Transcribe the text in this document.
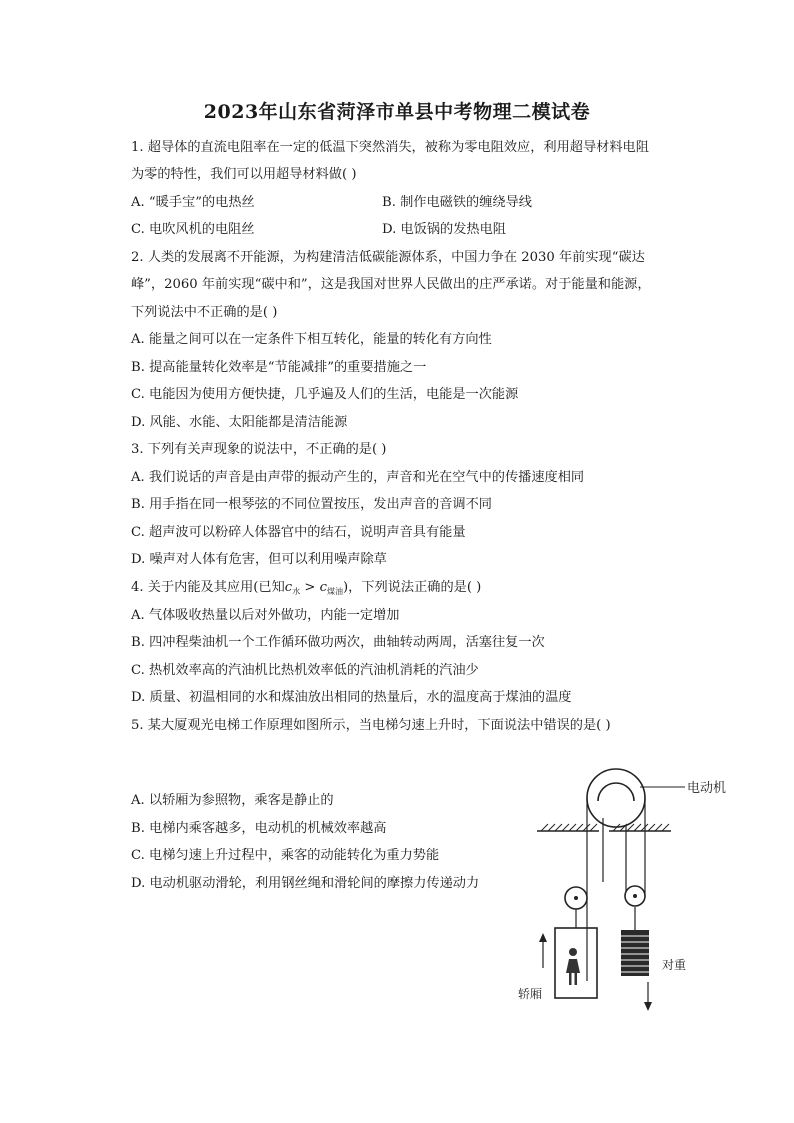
2023年山东省菏泽市单县中考物理二模试卷
1. 超导体的直流电阻率在一定的低温下突然消失，被称为零电阻效应，利用超导材料电阻
为零的特性，我们可以用超导材料做( )
A. “暖手宝”的电热丝	B. 制作电磁铁的缠绕导线
C. 电吹风机的电阻丝	D. 电饭锅的发热电阻
2. 人类的发展离不开能源，为构建清洁低碳能源体系，中国力争在 2030 年前实现“碳达
峰”，2060 年前实现“碳中和”，这是我国对世界人民做出的庄严承诺。对于能量和能源，
下列说法中不正确的是( )
A. 能量之间可以在一定条件下相互转化，能量的转化有方向性
B. 提高能量转化效率是“节能减排”的重要措施之一
C. 电能因为使用方便快捷，几乎遍及人们的生活，电能是一次能源
D. 风能、水能、太阳能都是清洁能源
3. 下列有关声现象的说法中，不正确的是( )
A. 我们说话的声音是由声带的振动产生的，声音和光在空气中的传播速度相同
B. 用手指在同一根琴弦的不同位置按压，发出声音的音调不同
C. 超声波可以粉碎人体器官中的结石，说明声音具有能量
D. 噪声对人体有危害，但可以利用噪声除草
4. 关于内能及其应用(已知$c_水 > c_{煤油}$)，下列说法正确的是( )
A. 气体吸收热量以后对外做功，内能一定增加
B. 四冲程柴油机一个工作循环做功两次，曲轴转动两周，活塞往复一次
C. 热机效率高的汽油机比热机效率低的汽油机消耗的汽油少
D. 质量、初温相同的水和煤油放出相同的热量后，水的温度高于煤油的温度
5. 某大厦观光电梯工作原理如图所示，当电梯匀速上升时，下面说法中错误的是( )
A. 以轿厢为参照物，乘客是静止的
B. 电梯内乘客越多，电动机的机械效率越高
C. 电梯匀速上升过程中，乘客的动能转化为重力势能
D. 电动机驱动滑轮，利用钢丝绳和滑轮间的摩擦力传递动力
电动机
轿厢
对重
